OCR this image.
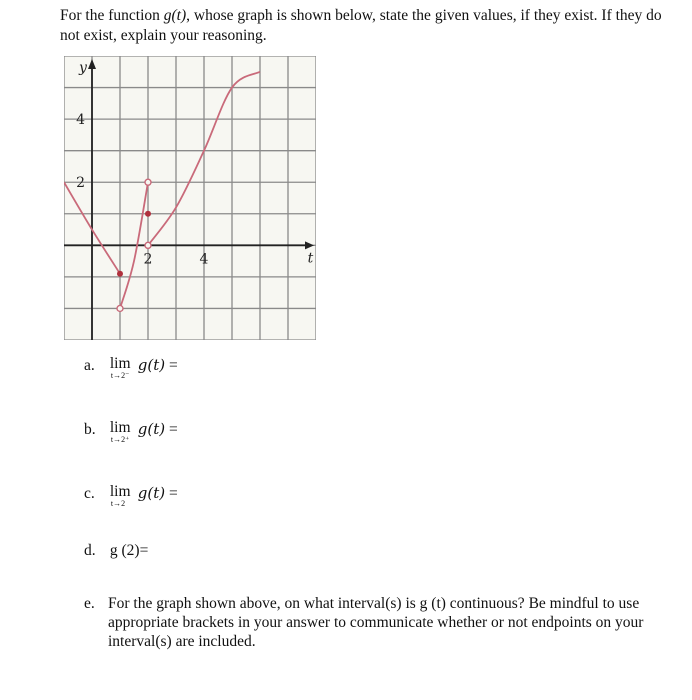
For the function g(t), whose graph is shown below, state the given values, if they exist. If they do not exist, explain your reasoning.
2	4
4
2
t
y
a. lim
t→2⁻
g(t) =
b. lim
t→2⁺
g(t) =
c. lim
t→2
g(t) =
d. g (2)=
e. For the graph shown above, on what interval(s) is g (t) continuous? Be mindful to use appropriate brackets in your answer to communicate whether or not endpoints on your interval(s) are included.
